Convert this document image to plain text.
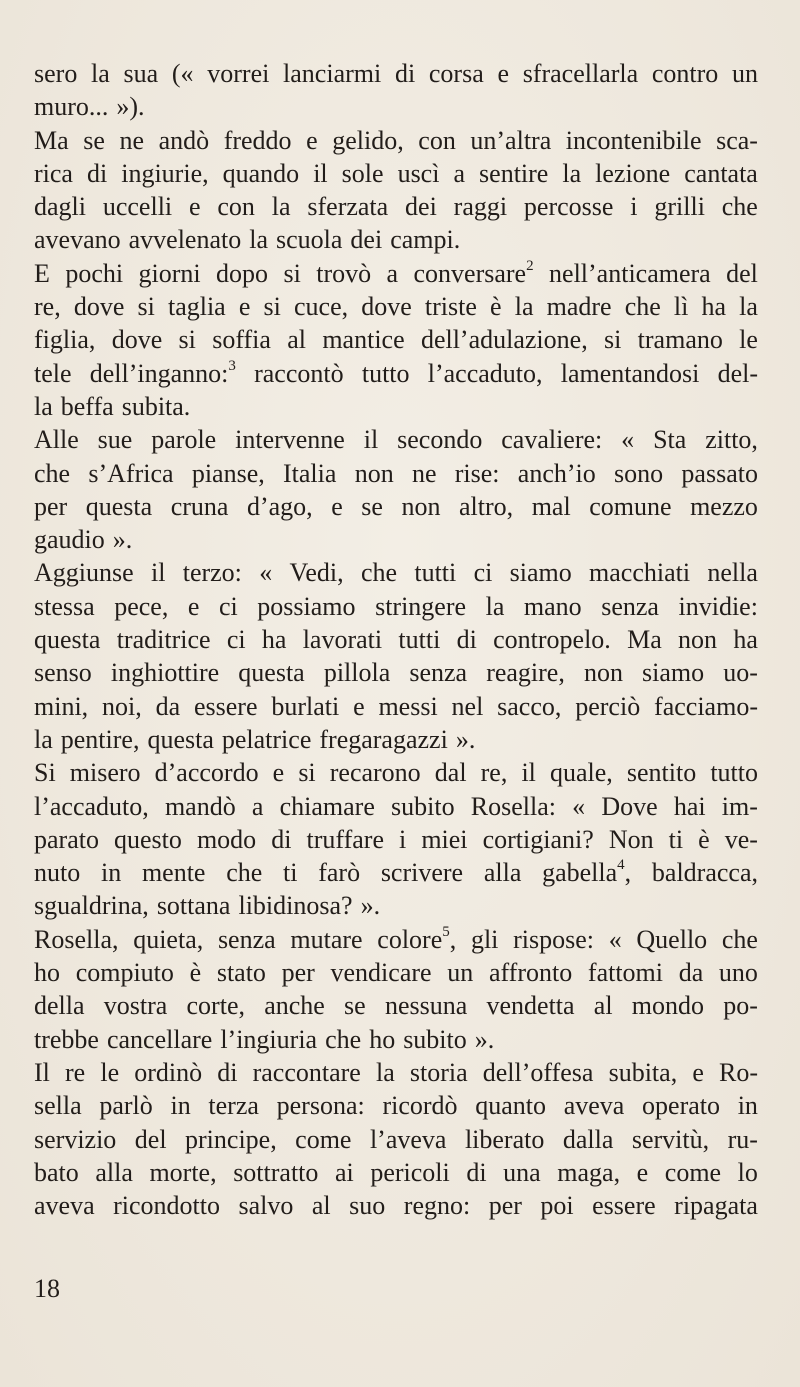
sero la sua (« vorrei lanciarmi di corsa e sfracellarla contro un
muro... »).
Ma se ne andò freddo e gelido, con un’altra incontenibile sca-
rica di ingiurie, quando il sole uscì a sentire la lezione cantata
dagli uccelli e con la sferzata dei raggi percosse i grilli che
avevano avvelenato la scuola dei campi.
E pochi giorni dopo si trovò a conversare$^2$ nell’anticamera del
re, dove si taglia e si cuce, dove triste è la madre che lì ha la
figlia, dove si soffia al mantice dell’adulazione, si tramano le
tele dell’inganno:$^3$ raccontò tutto l’accaduto, lamentandosi del-
la beffa subita.
Alle sue parole intervenne il secondo cavaliere: « Sta zitto,
che s’Africa pianse, Italia non ne rise: anch’io sono passato
per questa cruna d’ago, e se non altro, mal comune mezzo
gaudio ».
Aggiunse il terzo: « Vedi, che tutti ci siamo macchiati nella
stessa pece, e ci possiamo stringere la mano senza invidie:
questa traditrice ci ha lavorati tutti di contropelo. Ma non ha
senso inghiottire questa pillola senza reagire, non siamo uo-
mini, noi, da essere burlati e messi nel sacco, perciò facciamo-
la pentire, questa pelatrice fregaragazzi ».
Si misero d’accordo e si recarono dal re, il quale, sentito tutto
l’accaduto, mandò a chiamare subito Rosella: « Dove hai im-
parato questo modo di truffare i miei cortigiani? Non ti è ve-
nuto in mente che ti farò scrivere alla gabella$^4$, baldracca,
sgualdrina, sottana libidinosa? ».
Rosella, quieta, senza mutare colore$^5$, gli rispose: « Quello che
ho compiuto è stato per vendicare un affronto fattomi da uno
della vostra corte, anche se nessuna vendetta al mondo po-
trebbe cancellare l’ingiuria che ho subito ».
Il re le ordinò di raccontare la storia dell’offesa subita, e Ro-
sella parlò in terza persona: ricordò quanto aveva operato in
servizio del principe, come l’aveva liberato dalla servitù, ru-
bato alla morte, sottratto ai pericoli di una maga, e come lo
aveva ricondotto salvo al suo regno: per poi essere ripagata
18
